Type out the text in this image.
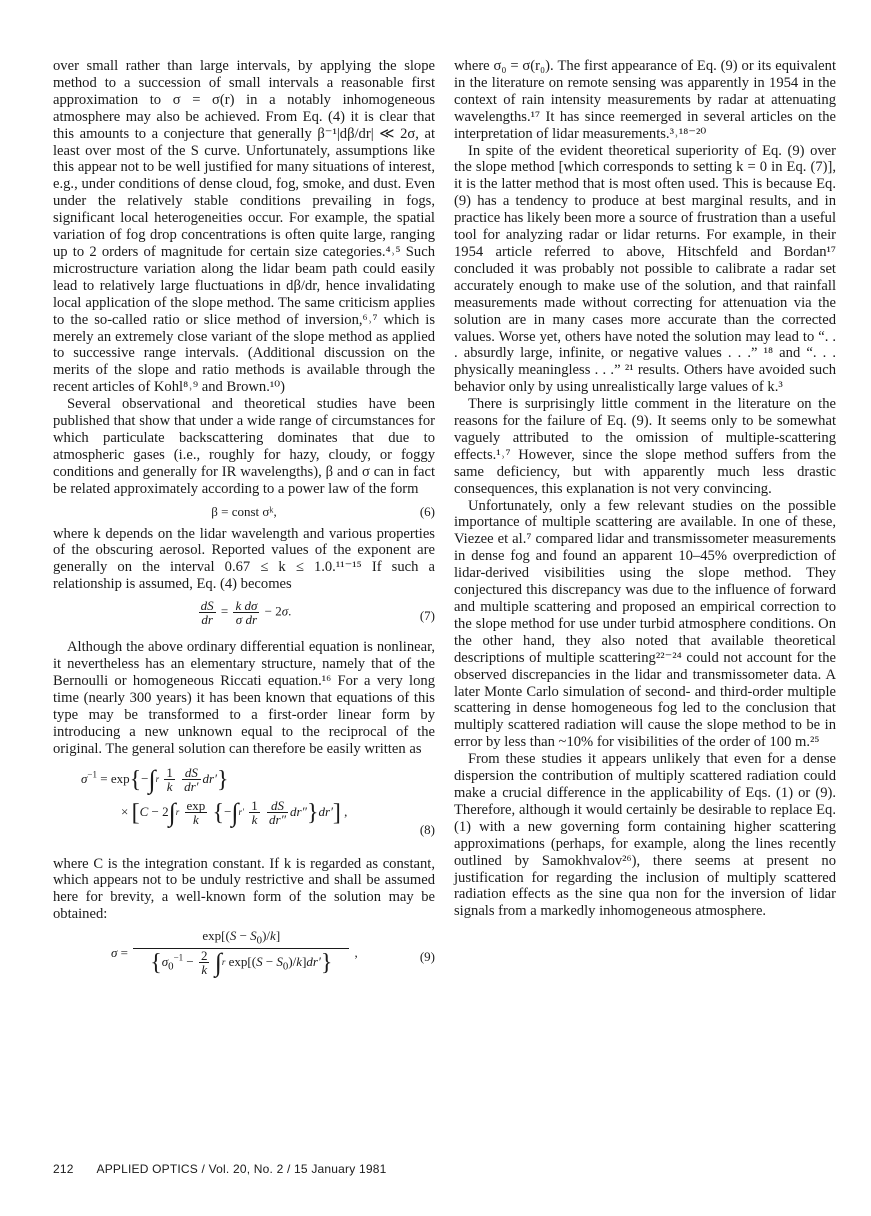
over small rather than large intervals, by applying the slope method to a succession of small intervals a reasonable first approximation to σ = σ(r) in a notably inhomogeneous atmosphere may also be achieved. From Eq. (4) it is clear that this amounts to a conjecture that generally β⁻¹|dβ/dr| ≪ 2σ, at least over most of the S curve. Unfortunately, assumptions like this appear not to be well justified for many situations of interest, e.g., under conditions of dense cloud, fog, smoke, and dust. Even under the relatively stable conditions prevailing in fogs, significant local heterogeneities occur. For example, the spatial variation of fog drop concentrations is often quite large, ranging up to 2 orders of magnitude for certain size categories.⁴˒⁵ Such microstructure variation along the lidar beam path could easily lead to relatively large fluctuations in dβ/dr, hence invalidating local application of the slope method. The same criticism applies to the so-called ratio or slice method of inversion,⁶˒⁷ which is merely an extremely close variant of the slope method as applied to successive range intervals. (Additional discussion on the merits of the slope and ratio methods is available through the recent articles of Kohl⁸˒⁹ and Brown.¹⁰)

Several observational and theoretical studies have been published that show that under a wide range of circumstances for which particulate backscattering dominates that due to atmospheric gases (i.e., roughly for hazy, cloudy, or foggy conditions and generally for IR wavelengths), β and σ can in fact be related approximately according to a power law of the form

β = const σᵏ,	(6)

where k depends on the lidar wavelength and various properties of the obscuring aerosol. Reported values of the exponent are generally on the interval 0.67 ≤ k ≤ 1.0.¹¹⁻¹⁵ If such a relationship is assumed, Eq. (4) becomes

$\frac{dS}{dr} = \frac{\text{k dσ}}{\text{σ dr}} - 2\sigma$.	(7)

Although the above ordinary differential equation is nonlinear, it nevertheless has an elementary structure, namely that of the Bernoulli or homogeneous Riccati equation.¹⁶ For a very long time (nearly 300 years) it has been known that equations of this type may be transformed to a first-order linear form by introducing a new unknown equal to the reciprocal of the original. The general solution can therefore be easily written as

$\sigma^{-1} = \exp\{-\int^r \frac{1}{k}$
$\frac{dS}{dr'} dr'$}
× [$C - 2\int^r \frac{\exp}{k} \{-\int^{r'} \frac{1}{k}$
$\frac{dS}{dr''} dr''\}dr'$] ,
(8)

where C is the integration constant. If k is regarded as constant, which appears not to be unduly restrictive and shall be assumed here for brevity, a well-known form of the solution may be obtained:

$\sigma = \frac{\exp[(S - S_0)/k]}{\{\sigma_0^{-1} - \frac{2}{k} \int^r \exp[(S - S_0)/k]dr'\}}$ ,	(9)

where σ₀ = σ(r₀). The first appearance of Eq. (9) or its equivalent in the literature on remote sensing was apparently in 1954 in the context of rain intensity measurements by radar at attenuating wavelengths.¹⁷ It has since reemerged in several articles on the interpretation of lidar measurements.³˒¹⁸⁻²⁰

In spite of the evident theoretical superiority of Eq. (9) over the slope method [which corresponds to setting k = 0 in Eq. (7)], it is the latter method that is most often used. This is because Eq. (9) has a tendency to produce at best marginal results, and in practice has likely been more a source of frustration than a useful tool for analyzing radar or lidar returns. For example, in their 1954 article referred to above, Hitschfeld and Bordan¹⁷ concluded it was probably not possible to calibrate a radar set accurately enough to make use of the solution, and that rainfall measurements made without correcting for attenuation via the solution are in many cases more accurate than the corrected values. Worse yet, others have noted the solution may lead to “. . . absurdly large, infinite, or negative values . . .” ¹⁸ and “. . . physically meaningless . . .” ²¹ results. Others have avoided such behavior only by using unrealistically large values of k.³

There is surprisingly little comment in the literature on the reasons for the failure of Eq. (9). It seems only to be somewhat vaguely attributed to the omission of multiple-scattering effects.¹˒⁷ However, since the slope method suffers from the same deficiency, but with apparently much less drastic consequences, this explanation is not very convincing.

Unfortunately, only a few relevant studies on the possible importance of multiple scattering are available. In one of these, Viezee et al.⁷ compared lidar and transmissometer measurements in dense fog and found an apparent 10–45% overprediction of lidar-derived visibilities using the slope method. They conjectured this discrepancy was due to the influence of forward and multiple scattering and proposed an empirical correction to the slope method for use under turbid atmosphere conditions. On the other hand, they also noted that available theoretical descriptions of multiple scattering²²⁻²⁴ could not account for the observed discrepancies in the lidar and transmissometer data. A later Monte Carlo simulation of second- and third-order multiple scattering in dense homogeneous fog led to the conclusion that multiply scattered radiation will cause the slope method to be in error by less than ~10% for visibilities of the order of 100 m.²⁵

From these studies it appears unlikely that even for a dense dispersion the contribution of multiply scattered radiation could make a crucial difference in the applicability of Eqs. (1) or (9). Therefore, although it would certainly be desirable to replace Eq. (1) with a new governing form containing higher scattering approximations (perhaps, for example, along the lines recently outlined by Samokhvalov²⁶), there seems at present no justification for regarding the inclusion of multiply scattered radiation effects as the sine qua non for the inversion of lidar signals from a markedly inhomogeneous atmosphere.

212 APPLIED OPTICS / Vol. 20, No. 2 / 15 January 1981
